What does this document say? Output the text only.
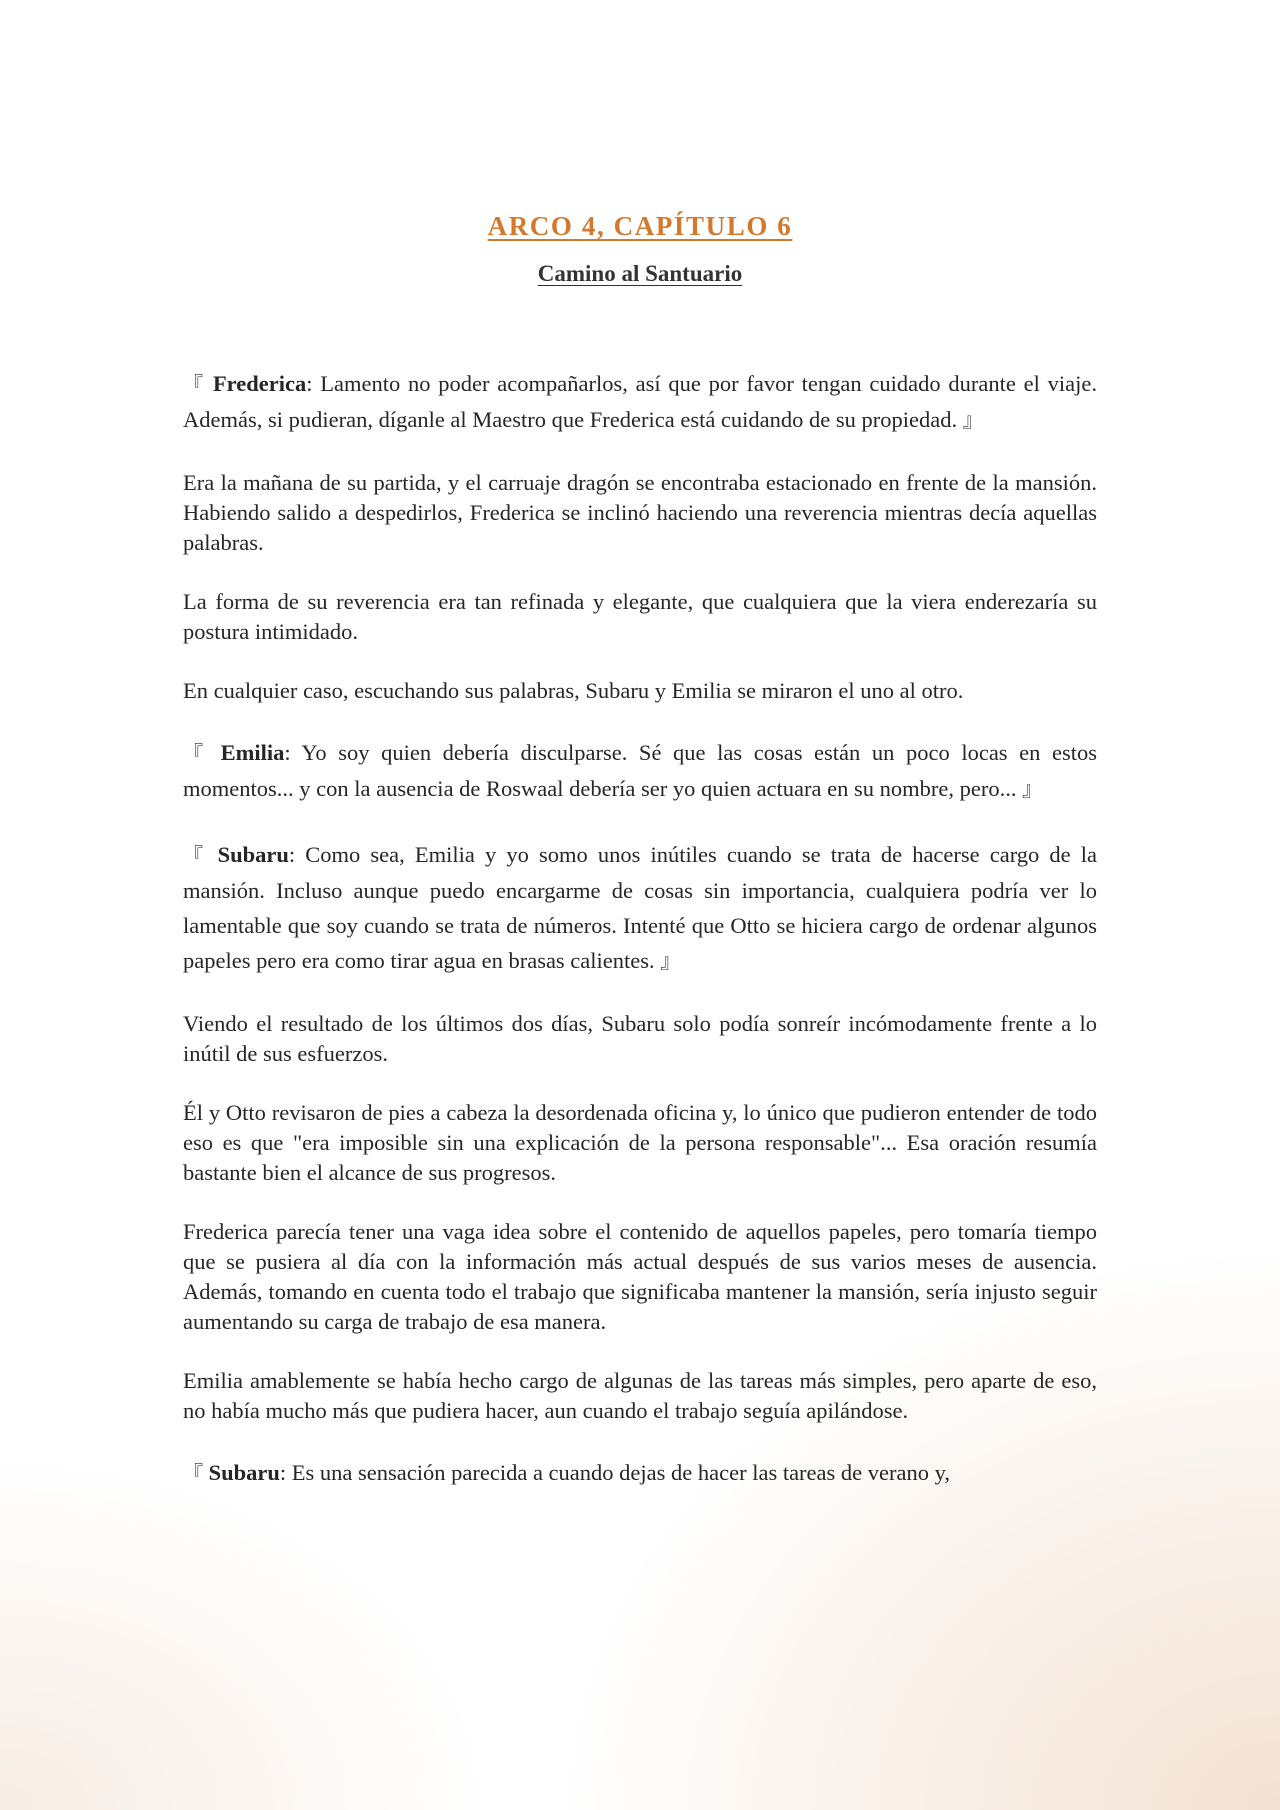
ARCO 4, CAPÍTULO 6
Camino al Santuario

『 Frederica: Lamento no poder acompañarlos, así que por favor tengan cuidado durante el viaje. Además, si pudieran, díganle al Maestro que Frederica está cuidando de su propiedad. 』

Era la mañana de su partida, y el carruaje dragón se encontraba estacionado en frente de la mansión. Habiendo salido a despedirlos, Frederica se inclinó haciendo una reverencia mientras decía aquellas palabras.

La forma de su reverencia era tan refinada y elegante, que cualquiera que la viera enderezaría su postura intimidado.

En cualquier caso, escuchando sus palabras, Subaru y Emilia se miraron el uno al otro.

『 Emilia: Yo soy quien debería disculparse. Sé que las cosas están un poco locas en estos momentos... y con la ausencia de Roswaal debería ser yo quien actuara en su nombre, pero... 』

『 Subaru: Como sea, Emilia y yo somo unos inútiles cuando se trata de hacerse cargo de la mansión. Incluso aunque puedo encargarme de cosas sin importancia, cualquiera podría ver lo lamentable que soy cuando se trata de números. Intenté que Otto se hiciera cargo de ordenar algunos papeles pero era como tirar agua en brasas calientes. 』

Viendo el resultado de los últimos dos días, Subaru solo podía sonreír incómodamente frente a lo inútil de sus esfuerzos.

Él y Otto revisaron de pies a cabeza la desordenada oficina y, lo único que pudieron entender de todo eso es que "era imposible sin una explicación de la persona responsable"... Esa oración resumía bastante bien el alcance de sus progresos.

Frederica parecía tener una vaga idea sobre el contenido de aquellos papeles, pero tomaría tiempo que se pusiera al día con la información más actual después de sus varios meses de ausencia. Además, tomando en cuenta todo el trabajo que significaba mantener la mansión, sería injusto seguir aumentando su carga de trabajo de esa manera.

Emilia amablemente se había hecho cargo de algunas de las tareas más simples, pero aparte de eso, no había mucho más que pudiera hacer, aun cuando el trabajo seguía apilándose.

『 Subaru: Es una sensación parecida a cuando dejas de hacer las tareas de verano y,
